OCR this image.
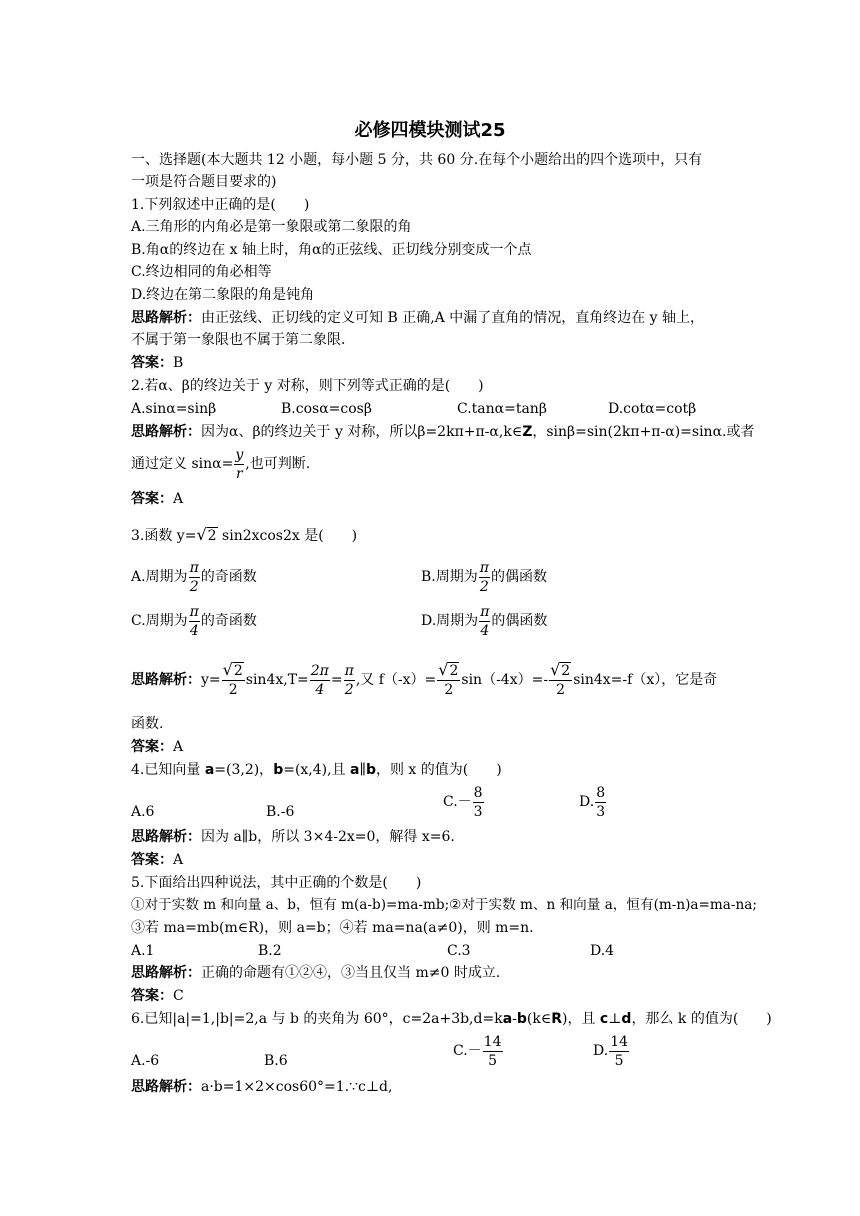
必修四模块测试25
一、选择题(本大题共 12 小题，每小题 5 分，共 60 分.在每个小题给出的四个选项中，只有
一项是符合题目要求的)
1.下列叙述中正确的是(　　)
A.三角形的内角必是第一象限或第二象限的角
B.角α的终边在 x 轴上时，角α的正弦线、正切线分别变成一个点
C.终边相同的角必相等
D.终边在第二象限的角是钝角
思路解析：由正弦线、正切线的定义可知 B 正确,A 中漏了直角的情况，直角终边在 y 轴上，
不属于第一象限也不属于第二象限.
答案：B
2.若α、β的终边关于 y 对称，则下列等式正确的是(　　)
A.sinα=sinβ	B.cosα=cosβ	C.tanα=tanβ	D.cotα=cotβ
思路解析：因为α、β的终边关于 y 对称，所以β=2kπ+π-α,k∈Z，sinβ=sin(2kπ+π-α)=sinα.或者
通过定义 $\sin\alpha= \frac{y}{r}$ ,也可判断.
答案：A
3.函数 y=√2 sin2xcos2x 是(　　)
A.周期为 $\frac{\pi}{2}$ 的奇函数	B.周期为 $\frac{\pi}{2}$ 的偶函数
C.周期为 $\frac{\pi}{4}$ 的奇函数	D.周期为 $\frac{\pi}{4}$ 的偶函数
思路解析：$y= \frac{√2}{2} \sin 4x,T= \frac{2\pi}{4} = \frac{\pi}{2}$ ,又 $f(-x)= \frac{√2}{2} \sin(-4x)=- \frac{√2}{2} \sin 4x=-f(x)$，它是奇
函数.
答案：A
4.已知向量 a=(3,2)，b=(x,4),且 a∥b，则 x 的值为(　　)
A.6	B.-6
$C.- \frac{8}{3}$	D. $\frac{8}{3}$
思路解析：因为 a∥b，所以 3×4-2x=0，解得 x=6.
答案：A
5.下面给出四种说法，其中正确的个数是(　　)
①对于实数 m 和向量 a、b，恒有 m(a-b)=ma-mb;②对于实数 m、n 和向量 a，恒有(m-n)a=ma-na;
③若 ma=mb(m∈R)，则 a=b；④若 ma=na(a≠0)，则 m=n.
A.1	B.2	C.3	D.4
思路解析：正确的命题有①②④，③当且仅当 m≠0 时成立.
答案：C
6.已知|a|=1,|b|=2,a 与 b 的夹角为 60°，c=2a+3b,d=ka-b(k∈R)，且 c⊥d，那么 k 的值为(　　)
A.-6	B.6
$C.- \frac{14}{5}$	D. $\frac{14}{5}$
思路解析：a·b=1×2×cos60°=1.∵c⊥d,
